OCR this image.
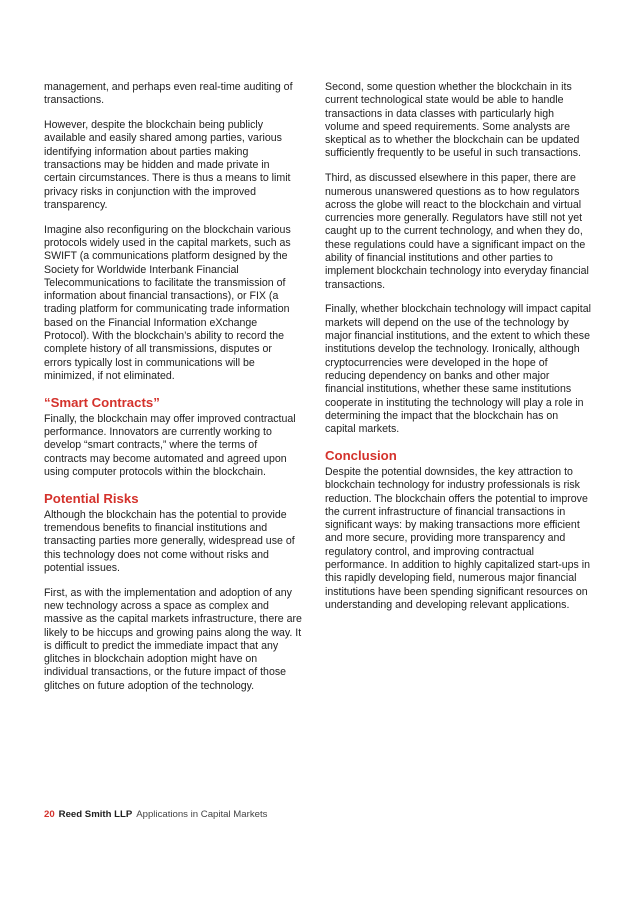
management, and perhaps even real-time auditing of transactions.

However, despite the blockchain being publicly available and easily shared among parties, various identifying information about parties making transactions may be hidden and made private in certain circumstances. There is thus a means to limit privacy risks in conjunction with the improved transparency.

Imagine also reconfiguring on the blockchain various protocols widely used in the capital markets, such as SWIFT (a communications platform designed by the Society for Worldwide Interbank Financial Telecommunications to facilitate the transmission of information about financial transactions), or FIX (a trading platform for communicating trade information based on the Financial Information eXchange Protocol). With the blockchain’s ability to record the complete history of all transmissions, disputes or errors typically lost in communications will be minimized, if not eliminated.

“Smart Contracts”

Finally, the blockchain may offer improved contractual performance. Innovators are currently working to develop “smart contracts,” where the terms of contracts may become automated and agreed upon using computer protocols within the blockchain.

Potential Risks

Although the blockchain has the potential to provide tremendous benefits to financial institutions and transacting parties more generally, widespread use of this technology does not come without risks and potential issues.

First, as with the implementation and adoption of any new technology across a space as complex and massive as the capital markets infrastructure, there are likely to be hiccups and growing pains along the way. It is difficult to predict the immediate impact that any glitches in blockchain adoption might have on individual transactions, or the future impact of those glitches on future adoption of the technology.

Second, some question whether the blockchain in its current technological state would be able to handle transactions in data classes with particularly high volume and speed requirements. Some analysts are skeptical as to whether the blockchain can be updated sufficiently frequently to be useful in such transactions.

Third, as discussed elsewhere in this paper, there are numerous unanswered questions as to how regulators across the globe will react to the blockchain and virtual currencies more generally. Regulators have still not yet caught up to the current technology, and when they do, these regulations could have a significant impact on the ability of financial institutions and other parties to implement blockchain technology into everyday financial transactions.

Finally, whether blockchain technology will impact capital markets will depend on the use of the technology by major financial institutions, and the extent to which these institutions develop the technology. Ironically, although cryptocurrencies were developed in the hope of reducing dependency on banks and other major financial institutions, whether these same institutions cooperate in instituting the technology will play a role in determining the impact that the blockchain has on capital markets.

Conclusion

Despite the potential downsides, the key attraction to blockchain technology for industry professionals is risk reduction. The blockchain offers the potential to improve the current infrastructure of financial transactions in significant ways: by making transactions more efficient and more secure, providing more transparency and regulatory control, and improving contractual performance. In addition to highly capitalized start-ups in this rapidly developing field, numerous major financial institutions have been spending significant resources on understanding and developing relevant applications.

20 Reed Smith LLP Applications in Capital Markets
